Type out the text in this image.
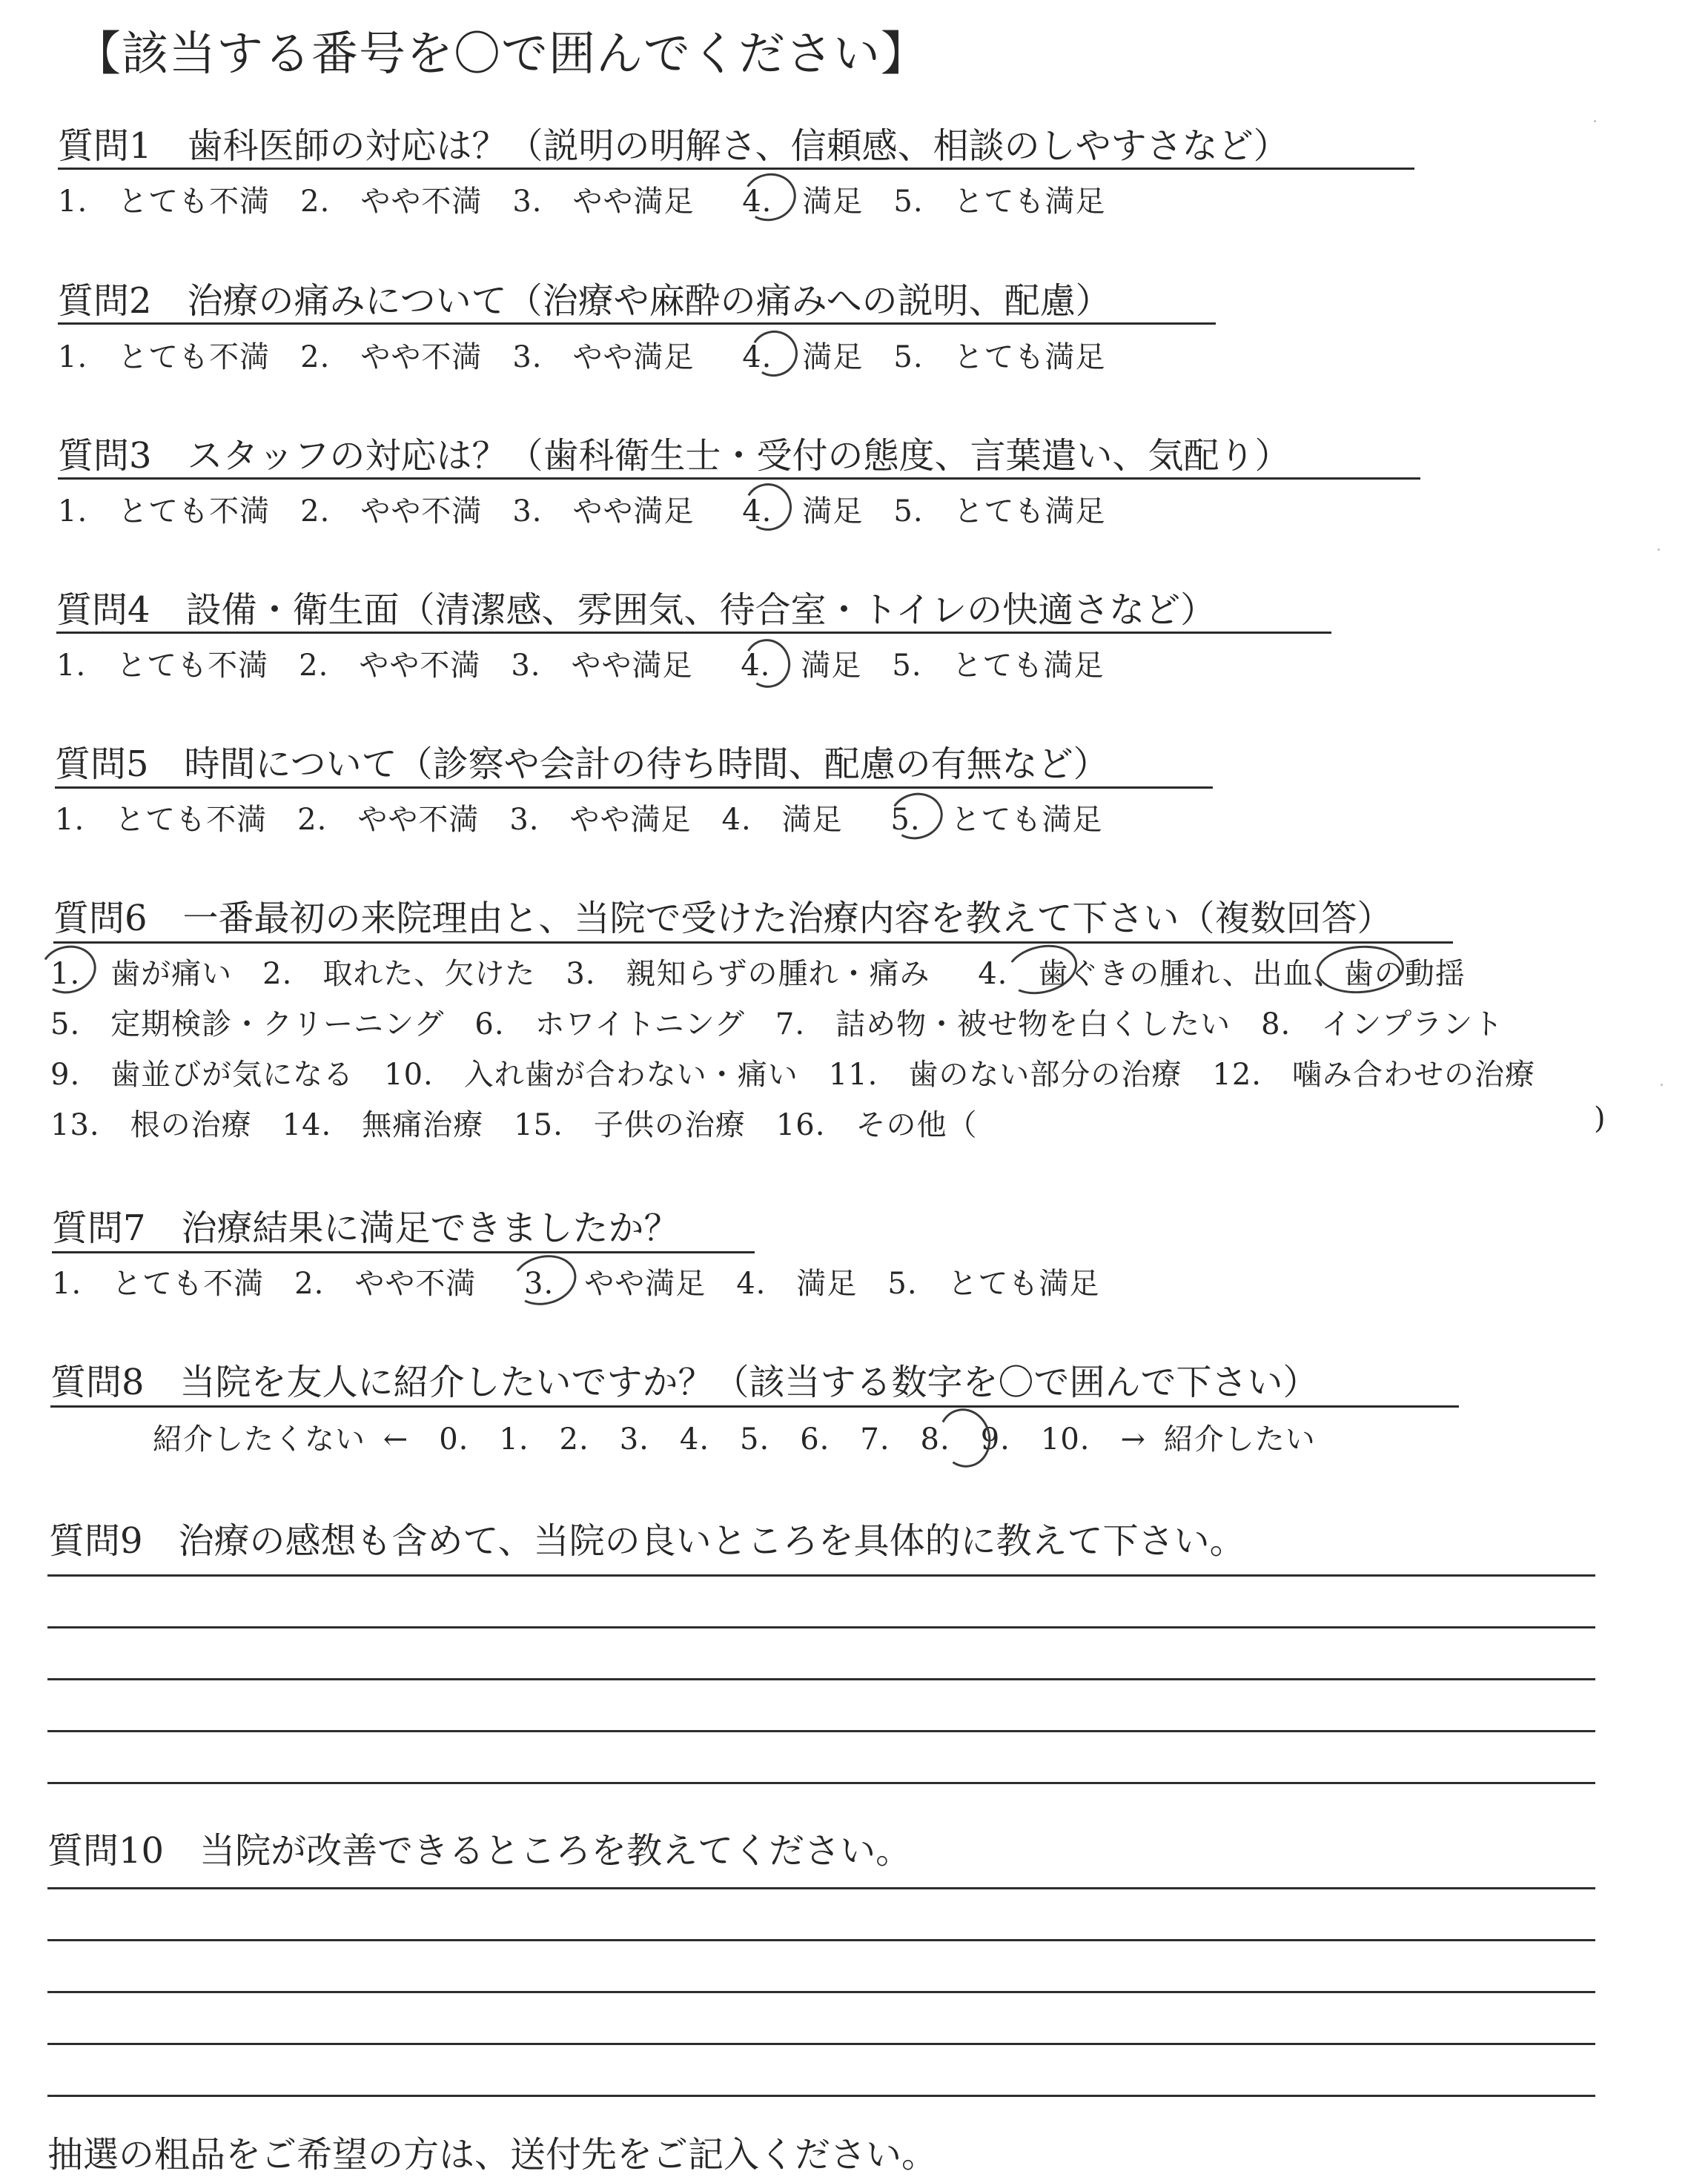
【該当する番号を〇で囲んでください】
質問1　歯科医師の対応は？（説明の明解さ、信頼感、相談のしやすさなど）
1.　とても不満　2.　やや不満　3.　やや満足　 4.　満足　5.　とても満足
質問2　治療の痛みについて（治療や麻酔の痛みへの説明、配慮）
1.　とても不満　2.　やや不満　3.　やや満足　 4.　満足　5.　とても満足
質問3　スタッフの対応は？（歯科衛生士・受付の態度、言葉遣い、気配り）
1.　とても不満　2.　やや不満　3.　やや満足　 4.　満足　5.　とても満足
質問4　設備・衛生面（清潔感、雰囲気、待合室・トイレの快適さなど）
1.　とても不満　2.　やや不満　3.　やや満足　 4.　満足　5.　とても満足
質問5　時間について（診察や会計の待ち時間、配慮の有無など）
1.　とても不満　2.　やや不満　3.　やや満足　4.　満足　 5.　とても満足
質問6　一番最初の来院理由と、当院で受けた治療内容を教えて下さい（複数回答）
1.　歯が痛い　2.　取れた、欠けた　3.　親知らずの腫れ・痛み　 4.　歯ぐきの腫れ、出血、歯の動揺
5.　定期検診・クリーニング　6.　ホワイトニング　7.　詰め物・被せ物を白くしたい　8.　インプラント
9.　歯並びが気になる　10.　入れ歯が合わない・痛い　11.　歯のない部分の治療　12.　噛み合わせの治療
13.　根の治療　14.　無痛治療　15.　子供の治療　16.　その他（	)
質問7　治療結果に満足できましたか？
1.　とても不満　2.　やや不満　 3.　やや満足　4.　満足　5.　とても満足
質問8　当院を友人に紹介したいですか？（該当する数字を〇で囲んで下さい）
紹介したくない ←　0.　1.　2.　3.　4.　5.　6.　7.　8.　9.　10.　→ 紹介したい
質問9　治療の感想も含めて、当院の良いところを具体的に教えて下さい。
質問10　当院が改善できるところを教えてください。
抽選の粗品をご希望の方は、送付先をご記入ください。
